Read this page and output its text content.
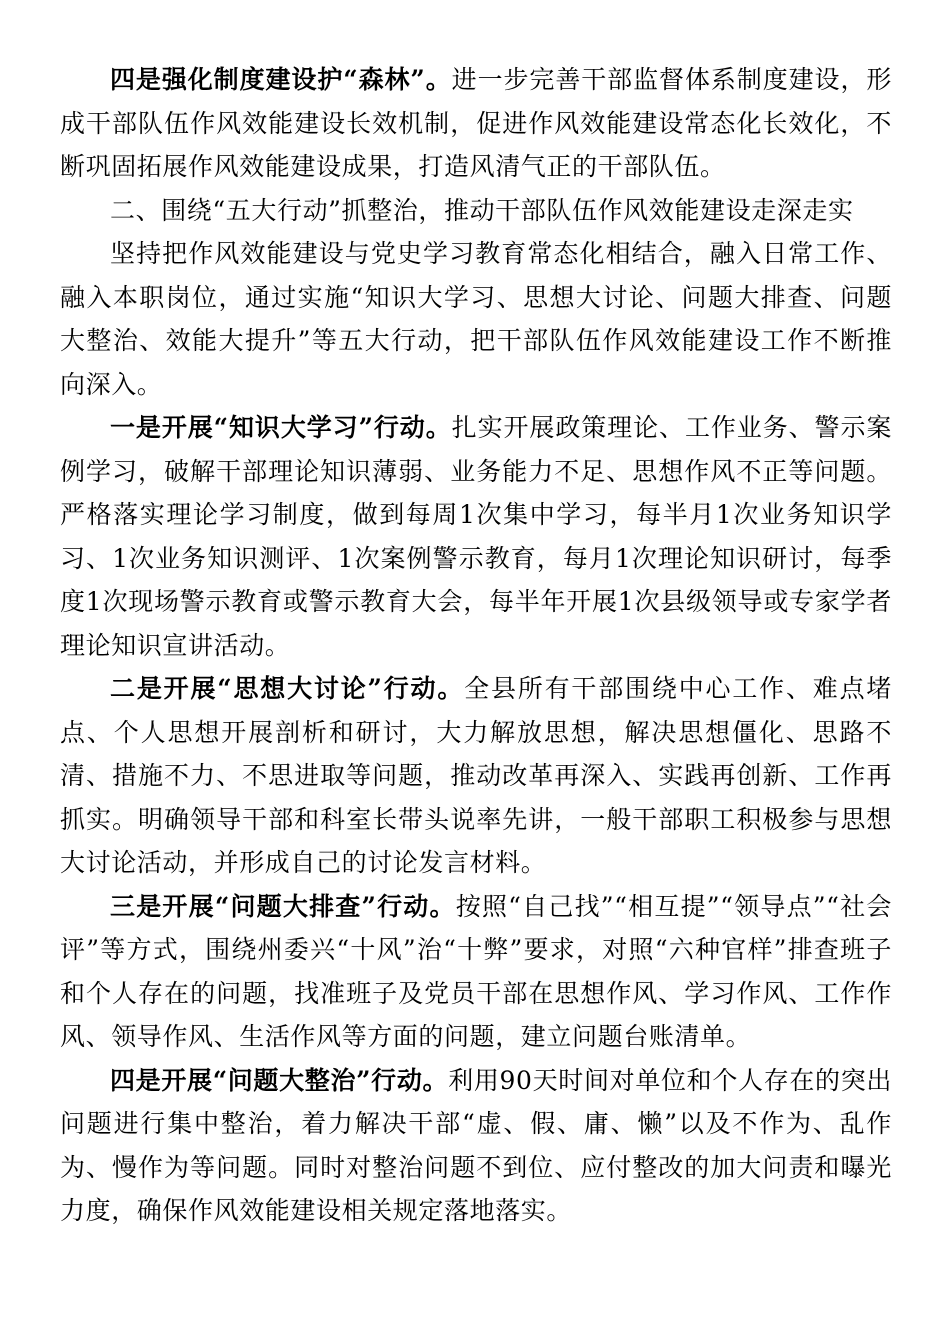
四是强化制度建设护“森林”。进一步完善干部监督体系制度建设，形成干部队伍作风效能建设长效机制，促进作风效能建设常态化长效化，不断巩固拓展作风效能建设成果，打造风清气正的干部队伍。

二、围绕“五大行动”抓整治，推动干部队伍作风效能建设走深走实

坚持把作风效能建设与党史学习教育常态化相结合，融入日常工作、融入本职岗位，通过实施“知识大学习、思想大讨论、问题大排查、问题大整治、效能大提升”等五大行动，把干部队伍作风效能建设工作不断推向深入。

一是开展“知识大学习”行动。扎实开展政策理论、工作业务、警示案例学习，破解干部理论知识薄弱、业务能力不足、思想作风不正等问题。严格落实理论学习制度，做到每周1次集中学习，每半月1次业务知识学习、1次业务知识测评、1次案例警示教育，每月1次理论知识研讨，每季度1次现场警示教育或警示教育大会，每半年开展1次县级领导或专家学者理论知识宣讲活动。

二是开展“思想大讨论”行动。全县所有干部围绕中心工作、难点堵点、个人思想开展剖析和研讨，大力解放思想，解决思想僵化、思路不清、措施不力、不思进取等问题，推动改革再深入、实践再创新、工作再抓实。明确领导干部和科室长带头说率先讲，一般干部职工积极参与思想大讨论活动，并形成自己的讨论发言材料。

三是开展“问题大排查”行动。按照“自己找”“相互提”“领导点”“社会评”等方式，围绕州委兴“十风”治“十弊”要求，对照“六种官样”排查班子和个人存在的问题，找准班子及党员干部在思想作风、学习作风、工作作风、领导作风、生活作风等方面的问题，建立问题台账清单。

四是开展“问题大整治”行动。利用90天时间对单位和个人存在的突出问题进行集中整治，着力解决干部“虚、假、庸、懒”以及不作为、乱作为、慢作为等问题。同时对整治问题不到位、应付整改的加大问责和曝光力度，确保作风效能建设相关规定落地落实。
